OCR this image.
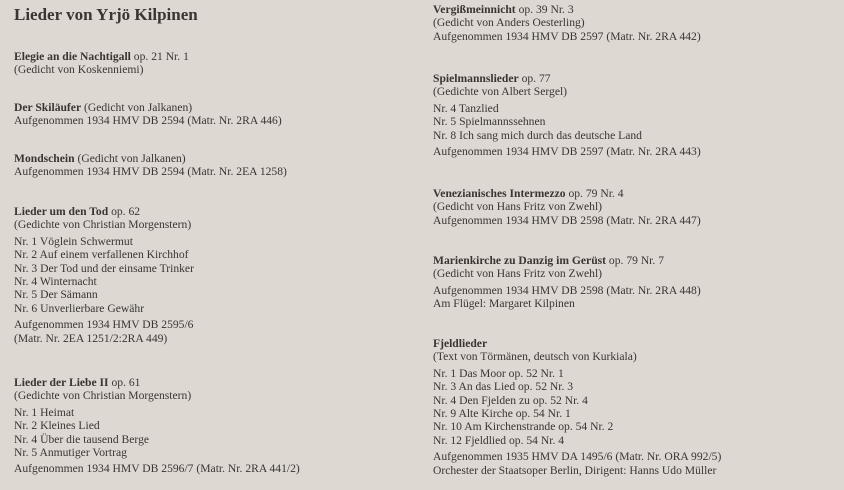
Lieder von Yrjö Kilpinen
Elegie an die Nachtigall op. 21 Nr. 1
(Gedicht von Koskenniemi)
Der Skiläufer (Gedicht von Jalkanen)
Aufgenommen 1934 HMV DB 2594 (Matr. Nr. 2RA 446)
Mondschein (Gedicht von Jalkanen)
Aufgenommen 1934 HMV DB 2594 (Matr. Nr. 2EA 1258)
Lieder um den Tod op. 62
(Gedichte von Christian Morgenstern)
Nr. 1 Vöglein Schwermut
Nr. 2 Auf einem verfallenen Kirchhof
Nr. 3 Der Tod und der einsame Trinker
Nr. 4 Winternacht
Nr. 5 Der Sämann
Nr. 6 Unverlierbare Gewähr
Aufgenommen 1934 HMV DB 2595/6
(Matr. Nr. 2EA 1251/2:2RA 449)
Lieder der Liebe II op. 61
(Gedichte von Christian Morgenstern)
Nr. 1 Heimat
Nr. 2 Kleines Lied
Nr. 4 Über die tausend Berge
Nr. 5 Anmutiger Vortrag
Aufgenommen 1934 HMV DB 2596/7 (Matr. Nr. 2RA 441/2)
Vergißmeinnicht op. 39 Nr. 3
(Gedicht von Anders Oesterling)
Aufgenommen 1934 HMV DB 2597 (Matr. Nr. 2RA 442)
Spielmannslieder op. 77
(Gedichte von Albert Sergel)
Nr. 4 Tanzlied
Nr. 5 Spielmannssehnen
Nr. 8 Ich sang mich durch das deutsche Land
Aufgenommen 1934 HMV DB 2597 (Matr. Nr. 2RA 443)
Venezianisches Intermezzo op. 79 Nr. 4
(Gedicht von Hans Fritz von Zwehl)
Aufgenommen 1934 HMV DB 2598 (Matr. Nr. 2RA 447)
Marienkirche zu Danzig im Gerüst op. 79 Nr. 7
(Gedicht von Hans Fritz von Zwehl)
Aufgenommen 1934 HMV DB 2598 (Matr. Nr. 2RA 448)
Am Flügel: Margaret Kilpinen
Fjeldlieder
(Text von Törmänen, deutsch von Kurkiala)
Nr. 1 Das Moor op. 52 Nr. 1
Nr. 3 An das Lied op. 52 Nr. 3
Nr. 4 Den Fjelden zu op. 52 Nr. 4
Nr. 9 Alte Kirche op. 54 Nr. 1
Nr. 10 Am Kirchenstrande op. 54 Nr. 2
Nr. 12 Fjeldlied op. 54 Nr. 4
Aufgenommen 1935 HMV DA 1495/6 (Matr. Nr. ORA 992/5)
Orchester der Staatsoper Berlin, Dirigent: Hanns Udo Müller
